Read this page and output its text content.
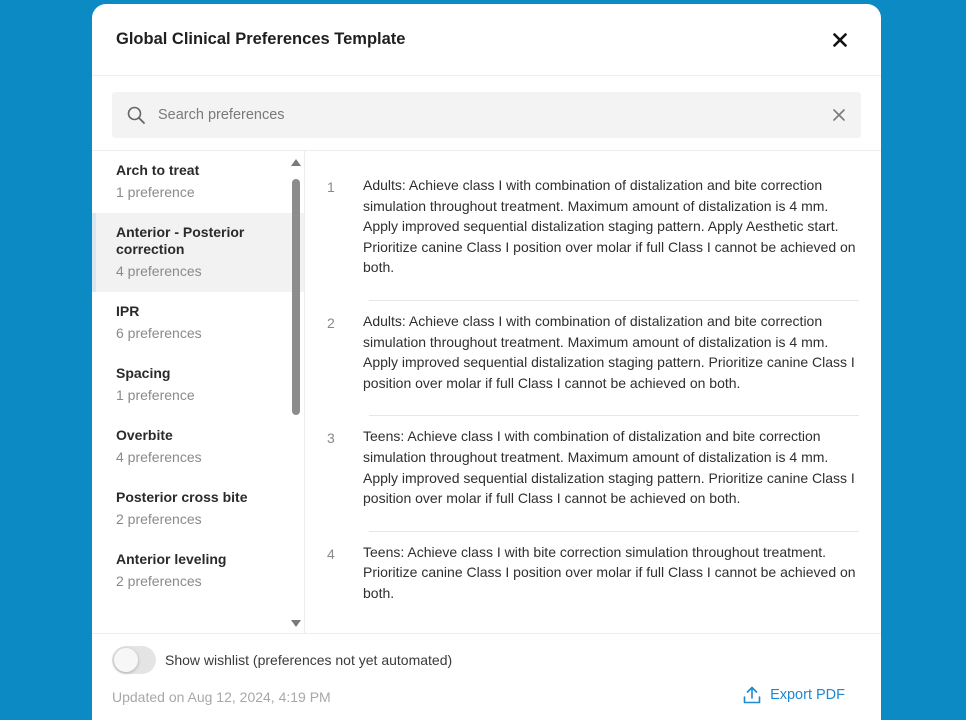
Global Clinical Preferences Template
Search preferences
Arch to treat
1 preference
Anterior - Posterior correction
4 preferences
IPR
6 preferences
Spacing
1 preference
Overbite
4 preferences
Posterior cross bite
2 preferences
Anterior leveling
2 preferences
1	Adults: Achieve class I with combination of distalization and bite correction simulation throughout treatment. Maximum amount of distalization is 4 mm. Apply improved sequential distalization staging pattern. Apply Aesthetic start. Prioritize canine Class I position over molar if full Class I cannot be achieved on both.
2	Adults: Achieve class I with combination of distalization and bite correction simulation throughout treatment. Maximum amount of distalization is 4 mm. Apply improved sequential distalization staging pattern. Prioritize canine Class I position over molar if full Class I cannot be achieved on both.
3	Teens: Achieve class I with combination of distalization and bite correction simulation throughout treatment. Maximum amount of distalization is 4 mm. Apply improved sequential distalization staging pattern. Prioritize canine Class I position over molar if full Class I cannot be achieved on both.
4	Teens: Achieve class I with bite correction simulation throughout treatment. Prioritize canine Class I position over molar if full Class I cannot be achieved on both.
Show wishlist (preferences not yet automated)
Updated on Aug 12, 2024, 4:19 PM	Export PDF
